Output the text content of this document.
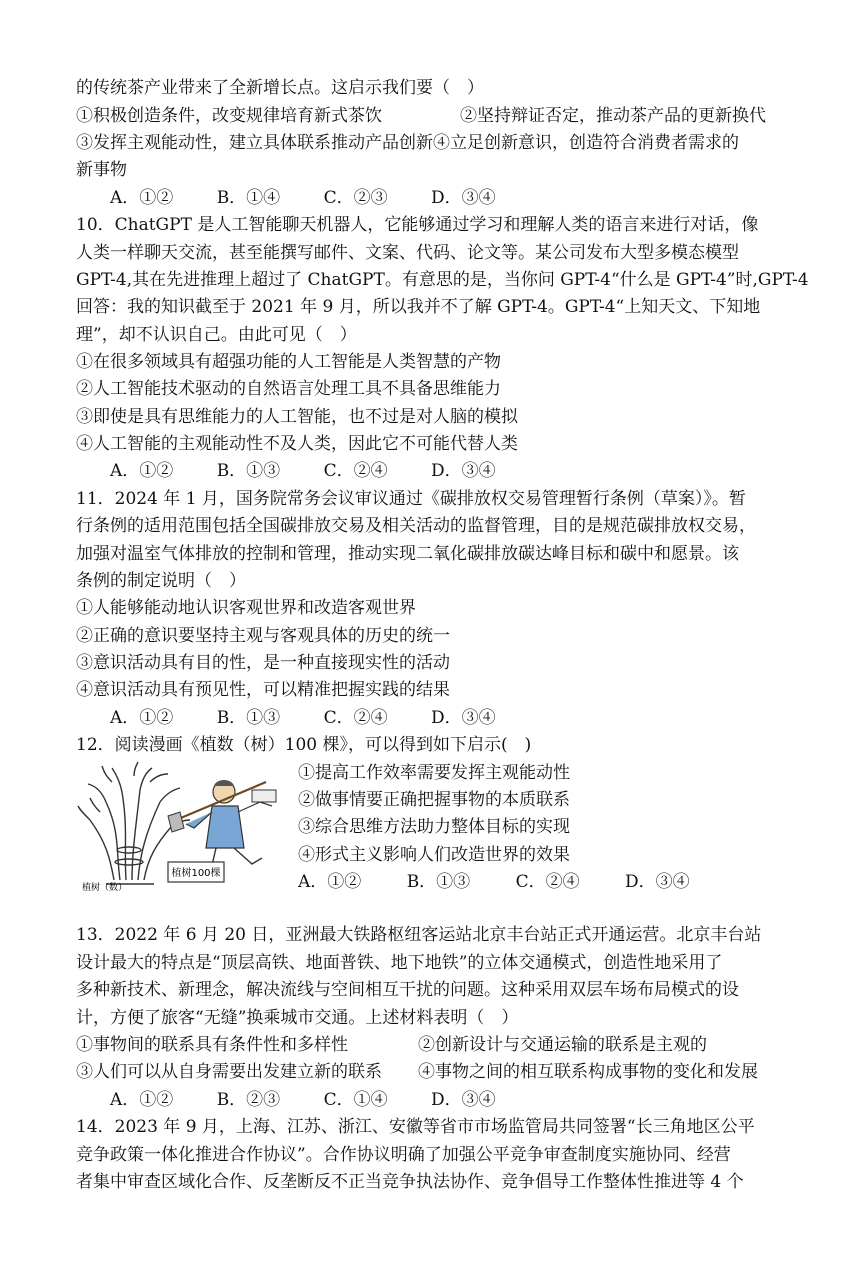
的传统茶产业带来了全新增长点。这启示我们要（　）
①积极创造条件，改变规律培育新式茶饮	②坚持辩证否定，推动茶产品的更新换代
③发挥主观能动性，建立具体联系推动产品创新④立足创新意识，创造符合消费者需求的
新事物
A．①②	B．①④	C．②③	D．③④
10．ChatGPT 是人工智能聊天机器人，它能够通过学习和理解人类的语言来进行对话，像
人类一样聊天交流，甚至能撰写邮件、文案、代码、论文等。某公司发布大型多模态模型
GPT-4,其在先进推理上超过了 ChatGPT。有意思的是，当你问 GPT-4“什么是 GPT-4”时,GPT-4
回答：我的知识截至于 2021 年 9 月，所以我并不了解 GPT-4。GPT-4“上知天文、下知地
理”，却不认识自己。由此可见（　）
①在很多领域具有超强功能的人工智能是人类智慧的产物
②人工智能技术驱动的自然语言处理工具不具备思维能力
③即使是具有思维能力的人工智能，也不过是对人脑的模拟
④人工智能的主观能动性不及人类，因此它不可能代替人类
A．①②	B．①③	C．②④	D．③④
11．2024 年 1 月，国务院常务会议审议通过《碳排放权交易管理暂行条例（草案）》。暂
行条例的适用范围包括全国碳排放交易及相关活动的监督管理，目的是规范碳排放权交易，
加强对温室气体排放的控制和管理，推动实现二氧化碳排放碳达峰目标和碳中和愿景。该
条例的制定说明（　）
①人能够能动地认识客观世界和改造客观世界
②正确的意识要坚持主观与客观具体的历史的统一
③意识活动具有目的性，是一种直接现实性的活动
④意识活动具有预见性，可以精准把握实践的结果
A．①②	B．①③	C．②④	D．③④
12．阅读漫画《植数（树）100 棵》，可以得到如下启示(　)
植树100棵
植树（数）
①提高工作效率需要发挥主观能动性
②做事情要正确把握事物的本质联系
③综合思维方法助力整体目标的实现
④形式主义影响人们改造世界的效果
A．①②	B．①③	C．②④	D．③④
13．2022 年 6 月 20 日，亚洲最大铁路枢纽客运站北京丰台站正式开通运营。北京丰台站
设计最大的特点是“顶层高铁、地面普铁、地下地铁”的立体交通模式，创造性地采用了
多种新技术、新理念，解决流线与空间相互干扰的问题。这种采用双层车场布局模式的设
计，方便了旅客“无缝”换乘城市交通。上述材料表明（　）
①事物间的联系具有条件性和多样性	②创新设计与交通运输的联系是主观的
③人们可以从自身需要出发建立新的联系 ④事物之间的相互联系构成事物的变化和发展
A．①②	B．②③	C．①④	D．③④
14．2023 年 9 月，上海、江苏、浙江、安徽等省市市场监管局共同签署“长三角地区公平
竞争政策一体化推进合作协议”。合作协议明确了加强公平竞争审查制度实施协同、经营
者集中审查区域化合作、反垄断反不正当竞争执法协作、竞争倡导工作整体性推进等 4 个
